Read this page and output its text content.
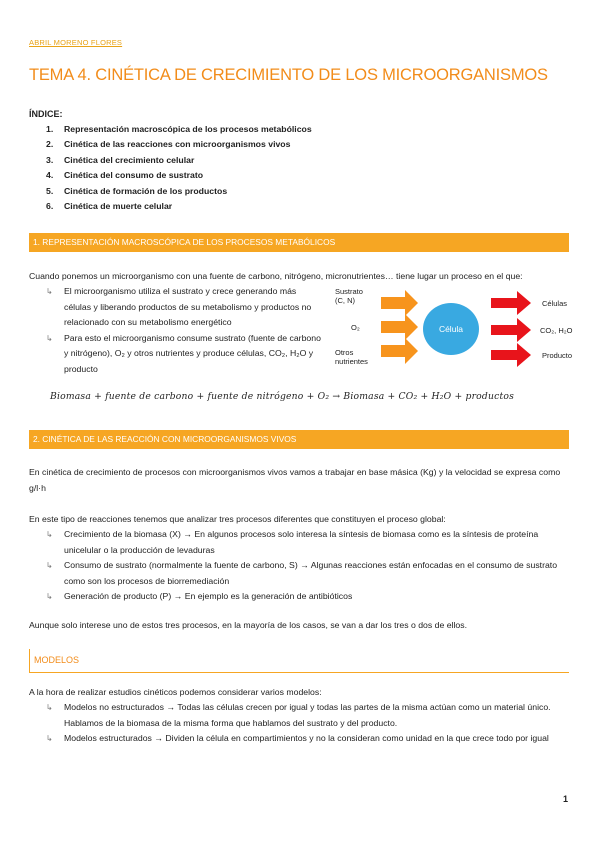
ABRIL MORENO FLORES
TEMA 4. CINÉTICA DE CRECIMIENTO DE LOS MICROORGANISMOS
ÍNDICE:
1.	Representación macroscópica de los procesos metabólicos
2.	Cinética de las reacciones con microorganismos vivos
3.	Cinética del crecimiento celular
4.	Cinética del consumo de sustrato
5.	Cinética de formación de los productos
6.	Cinética de muerte celular
1. REPRESENTACIÓN MACROSCÓPICA DE LOS PROCESOS METABÓLICOS
Cuando ponemos un microorganismo con una fuente de carbono, nitrógeno, micronutrientes… tiene lugar un proceso en el que:
↳ El microorganismo utiliza el sustrato y crece generando más células y liberando productos de su metabolismo y productos no relacionado con su metabolismo energético
↳ Para esto el microorganismo consume sustrato (fuente de carbono y nitrógeno), O₂ y otros nutrientes y produce células, CO₂, H₂O y producto
Célula
Sustrato
(C, N)
O₂
Otros
nutrientes
Células
CO₂, H₂O
Producto
Biomasa + fuente de carbono + fuente de nitrógeno + O₂ → Biomasa + CO₂ + H₂O + productos
2. CINÉTICA DE LAS REACCIÓN CON MICROORGANISMOS VIVOS
En cinética de crecimiento de procesos con microorganismos vivos vamos a trabajar en base másica (Kg) y la velocidad se expresa como g/l·h
En este tipo de reacciones tenemos que analizar tres procesos diferentes que constituyen el proceso global:
↳ Crecimiento de la biomasa (X) → En algunos procesos solo interesa la síntesis de biomasa como es la síntesis de proteína unicelular o la producción de levaduras
↳ Consumo de sustrato (normalmente la fuente de carbono, S) → Algunas reacciones están enfocadas en el consumo de sustrato como son los procesos de biorremediación
↳ Generación de producto (P) → En ejemplo es la generación de antibióticos
Aunque solo interese uno de estos tres procesos, en la mayoría de los casos, se van a dar los tres o dos de ellos.
MODELOS
A la hora de realizar estudios cinéticos podemos considerar varios modelos:
↳ Modelos no estructurados → Todas las células crecen por igual y todas las partes de la misma actúan como un material único. Hablamos de la biomasa de la misma forma que hablamos del sustrato y del producto.
↳ Modelos estructurados → Dividen la célula en compartimientos y no la consideran como unidad en la que crece todo por igual
1
